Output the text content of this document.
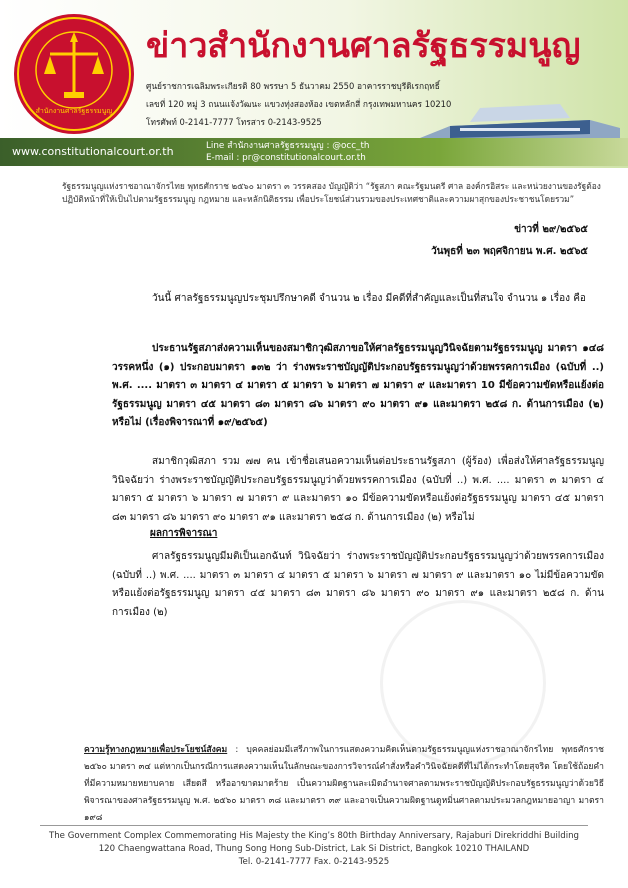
สำนักงานศาลรัฐธรรมนูญ
ข่าวสำนักงานศาลรัฐธรรมนูญ
ศูนย์ราชการเฉลิมพระเกียรติ 80 พรรษา 5 ธันวาคม 2550 อาคารราชบุรีดิเรกฤทธิ์
เลขที่ 120 หมู่ 3 ถนนแจ้งวัฒนะ แขวงทุ่งสองห้อง เขตหลักสี่ กรุงเทพมหานคร 10210
โทรศัพท์ 0-2141-7777 โทรสาร 0-2143-9525
www.constitutionalcourt.or.th	Line สำนักงานศาลรัฐธรรมนูญ : @occ_th
E-mail : pr@constitutionalcourt.or.th
รัฐธรรมนูญแห่งราชอาณาจักรไทย พุทธศักราช ๒๕๖๐ มาตรา ๓ วรรคสอง บัญญัติว่า “รัฐสภา คณะรัฐมนตรี ศาล องค์กรอิสระ และหน่วยงานของรัฐต้องปฏิบัติหน้าที่ให้เป็นไปตามรัฐธรรมนูญ กฎหมาย และหลักนิติธรรม เพื่อประโยชน์ส่วนรวมของประเทศชาติและความผาสุกของประชาชนโดยรวม”
ข่าวที่ ๒๙/๒๕๖๕
วันพุธที่ ๒๓ พฤศจิกายน พ.ศ. ๒๕๖๕
วันนี้ ศาลรัฐธรรมนูญประชุมปรึกษาคดี จำนวน ๒ เรื่อง มีคดีที่สำคัญและเป็นที่สนใจ จำนวน ๑ เรื่อง คือ
ประธานรัฐสภาส่งความเห็นของสมาชิกวุฒิสภาขอให้ศาลรัฐธรรมนูญวินิจฉัยตามรัฐธรรมนูญ มาตรา ๑๔๘ วรรคหนึ่ง (๑) ประกอบมาตรา ๑๓๒ ว่า ร่างพระราชบัญญัติประกอบรัฐธรรมนูญว่าด้วยพรรคการเมือง (ฉบับที่ ..) พ.ศ. .... มาตรา ๓ มาตรา ๔ มาตรา ๕ มาตรา ๖ มาตรา ๗ มาตรา ๙ และมาตรา 10 มีข้อความขัดหรือแย้งต่อรัฐธรรมนูญ มาตรา ๔๕ มาตรา ๘๓ มาตรา ๘๖ มาตรา ๙๐ มาตรา ๙๑ และมาตรา ๒๕๘ ก. ด้านการเมือง (๒) หรือไม่ (เรื่องพิจารณาที่ ๑๙/๒๕๖๕)
สมาชิกวุฒิสภา รวม ๗๗ คน เข้าชื่อเสนอความเห็นต่อประธานรัฐสภา (ผู้ร้อง) เพื่อส่งให้ศาลรัฐธรรมนูญวินิจฉัยว่า ร่างพระราชบัญญัติประกอบรัฐธรรมนูญว่าด้วยพรรคการเมือง (ฉบับที่ ..) พ.ศ. .... มาตรา ๓ มาตรา ๔ มาตรา ๕ มาตรา ๖ มาตรา ๗ มาตรา ๙ และมาตรา ๑๐ มีข้อความขัดหรือแย้งต่อรัฐธรรมนูญ มาตรา ๔๕ มาตรา ๘๓ มาตรา ๘๖ มาตรา ๙๐ มาตรา ๙๑ และมาตรา ๒๕๘ ก. ด้านการเมือง (๒) หรือไม่
ผลการพิจารณา
ศาลรัฐธรรมนูญมีมติเป็นเอกฉันท์ วินิจฉัยว่า ร่างพระราชบัญญัติประกอบรัฐธรรมนูญว่าด้วยพรรคการเมือง (ฉบับที่ ..) พ.ศ. .... มาตรา ๓ มาตรา ๔ มาตรา ๕ มาตรา ๖ มาตรา ๗ มาตรา ๙ และมาตรา ๑๐ ไม่มีข้อความขัดหรือแย้งต่อรัฐธรรมนูญ มาตรา ๔๕ มาตรา ๘๓ มาตรา ๘๖ มาตรา ๙๐ มาตรา ๙๑ และมาตรา ๒๕๘ ก. ด้านการเมือง (๒)
ความรู้ทางกฎหมายเพื่อประโยชน์สังคม : บุคคลย่อมมีเสรีภาพในการแสดงความคิดเห็นตามรัฐธรรมนูญแห่งราชอาณาจักรไทย พุทธศักราช ๒๕๖๐ มาตรา ๓๔ แต่หากเป็นกรณีการแสดงความเห็นในลักษณะของการวิจารณ์คำสั่งหรือคำวินิจฉัยคดีที่ไม่ได้กระทำโดยสุจริต โดยใช้ถ้อยคำที่มีความหมายหยาบคาย เสียดสี หรืออาฆาตมาดร้าย เป็นความผิดฐานละเมิดอำนาจศาลตามพระราชบัญญัติประกอบรัฐธรรมนูญว่าด้วยวิธีพิจารณาของศาลรัฐธรรมนูญ พ.ศ. ๒๕๖๐ มาตรา ๓๘ และมาตรา ๓๙ และอาจเป็นความผิดฐานดูหมิ่นศาลตามประมวลกฎหมายอาญา มาตรา ๑๙๘
The Government Complex Commemorating His Majesty the King’s 80th Birthday Anniversary, Rajaburi Direkriddhi Building
120 Chaengwattana Road, Thung Song Hong Sub-District, Lak Si District, Bangkok 10210 THAILAND
Tel. 0-2141-7777 Fax. 0-2143-9525
